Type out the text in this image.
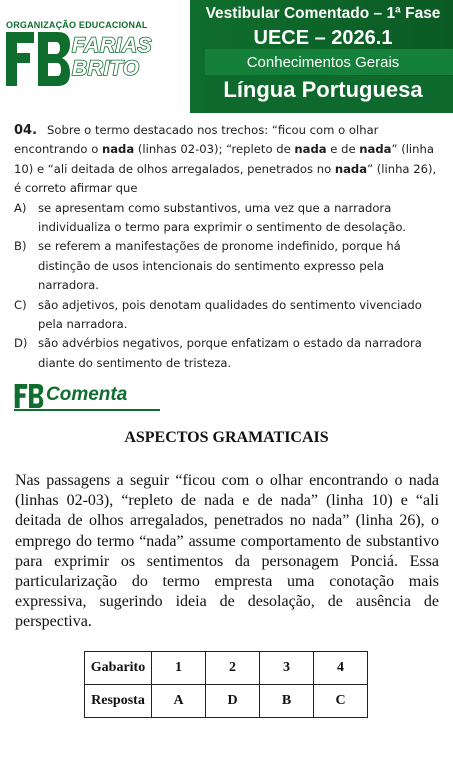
ORGANIZAÇÃO EDUCACIONAL
FARIAS
BRITO
Vestibular Comentado – 1ª Fase
UECE – 2026.1
Conhecimentos Gerais
Língua Portuguesa

04. Sobre o termo destacado nos trechos: “ficou com o olhar encontrando o nada (linhas 02-03); “repleto de nada e de nada” (linha 10) e “ali deitada de olhos arregalados, penetrados no nada” (linha 26), é correto afirmar que

A) se apresentam como substantivos, uma vez que a narradora individualiza o termo para exprimir o sentimento de desolação.
B) se referem a manifestações de pronome indefinido, porque há distinção de usos intencionais do sentimento expresso pela narradora.
C) são adjetivos, pois denotam qualidades do sentimento vivenciado pela narradora.
D) são advérbios negativos, porque enfatizam o estado da narradora diante do sentimento de tristeza.
Comenta
ASPECTOS GRAMATICAIS

Nas passagens a seguir “ficou com o olhar encontrando o nada (linhas 02-03), “repleto de nada e de nada” (linha 10) e “ali deitada de olhos arregalados, penetrados no nada” (linha 26), o emprego do termo “nada” assume comportamento de substantivo para exprimir os sentimentos da personagem Ponciá. Essa particularização do termo empresta uma conotação mais expressiva, sugerindo ideia de desolação, de ausência de perspectiva.

Gabarito	1	2	3	4
Resposta	A	D	B	C
